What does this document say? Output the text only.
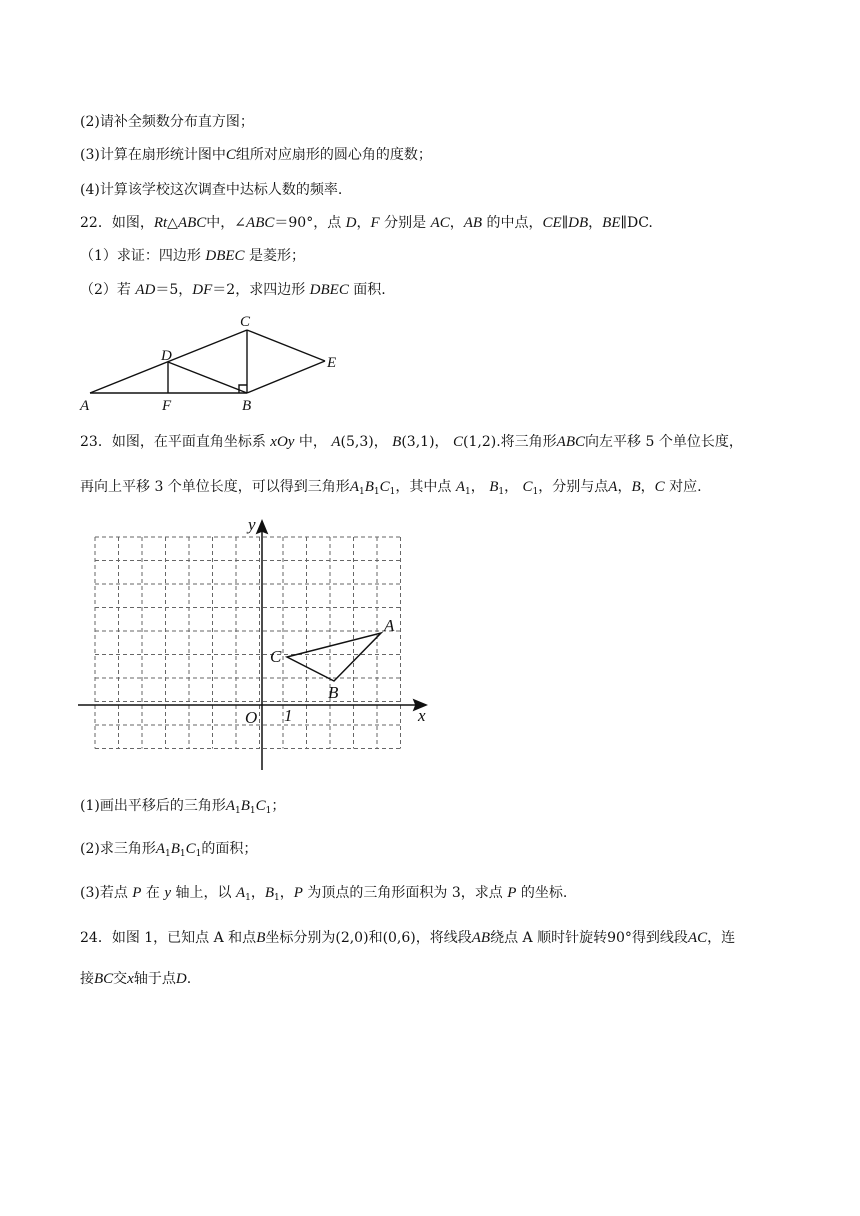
(2)请补全频数分布直方图；
(3)计算在扇形统计图中C组所对应扇形的圆心角的度数；
(4)计算该学校这次调查中达标人数的频率.
22．如图，Rt△ABC中，∠ABC＝90°，点 D，F 分别是 AC，AB 的中点，CE∥DB，BE∥DC.
（1）求证：四边形 DBEC 是菱形；
（2）若 AD＝5，DF＝2，求四边形 DBEC 面积.
A	F	B
D
C
E
23．如图，在平面直角坐标系 xOy 中， A(5,3)， B(3,1)， C(1,2).将三角形ABC向左平移 5 个单位长度，
再向上平移 3 个单位长度，可以得到三角形$A_1B_1C_1$，其中点 $A_1$， $B_1$， $C_1$，分别与点A，B，C 对应.
y
x
O 1
A
B
C
(1)画出平移后的三角形$A_1B_1C_1$；
(2)求三角形$A_1B_1C_1$的面积；
(3)若点 P 在 y 轴上，以 $A_1$，$B_1$，P 为顶点的三角形面积为 3，求点 P 的坐标.
24．如图 1，已知点 A 和点B坐标分别为(2,0)和(0,6)，将线段AB绕点 A 顺时针旋转90°得到线段AC，连
接BC交x轴于点D.
